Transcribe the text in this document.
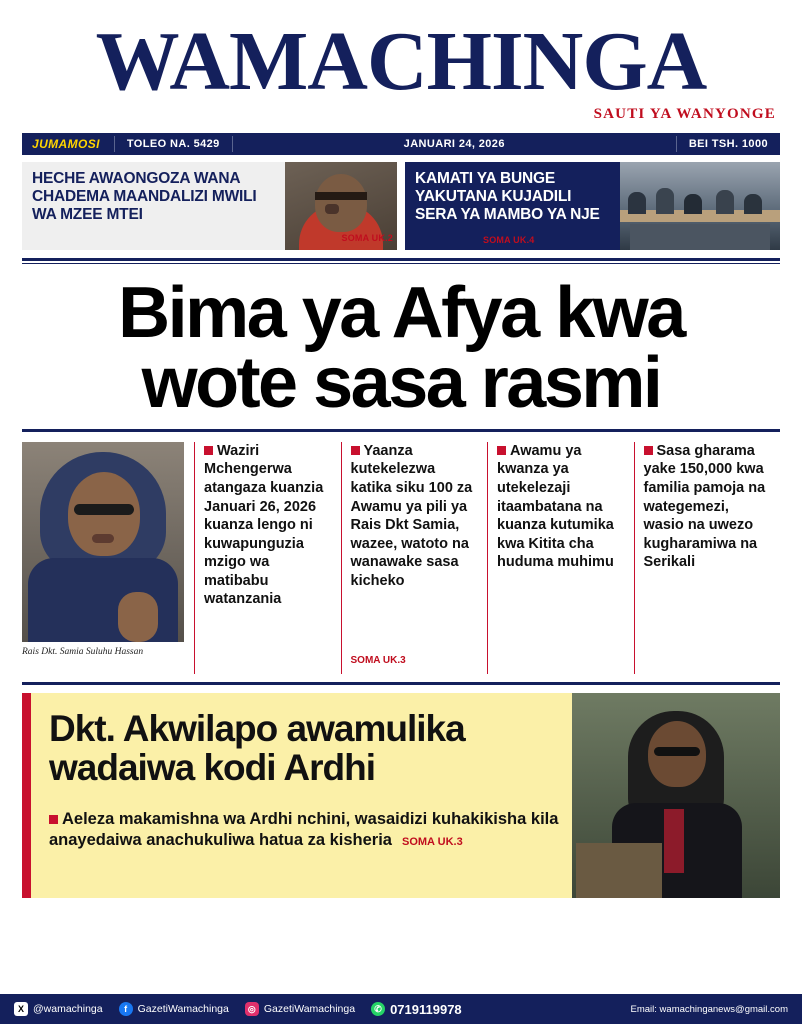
WAMACHINGA
SAUTI YA WANYONGE
JUMAMOSI	TOLEO NA. 5429	JANUARI 24, 2026	BEI TSH. 1000
HECHE AWAONGOZA WANA CHADEMA MAANDALIZI MWILI WA MZEE MTEI
SOMA UK.2
KAMATI YA BUNGE YAKUTANA KUJADILI SERA YA MAMBO YA NJE
SOMA UK.4
Bima ya Afya kwa
wote sasa rasmi
Rais Dkt. Samia Suluhu Hassan
Waziri Mchengerwa atangaza kuanzia Januari 26, 2026 kuanza lengo ni kuwapunguzia mzigo wa matibabu watanzania
Yaanza kutekelezwa katika siku 100 za Awamu ya pili ya Rais Dkt Samia, wazee, watoto na wanawake sasa kicheko
SOMA UK.3
Awamu ya kwanza ya utekelezaji itaambatana na kuanza kutumika kwa Kitita cha huduma muhimu
Sasa gharama yake 150,000 kwa familia pamoja na wategemezi, wasio na uwezo kugharamiwa na Serikali
Dkt. Akwilapo awamulika
wadaiwa kodi Ardhi
Aeleza makamishna wa Ardhi nchini, wasaidizi kuhakikisha kila anayedaiwa anachukuliwa hatua za kisheria SOMA UK.3
X @wamachinga	f	GazetiWamachinga	◎ GazetiWamachinga	✆ 0719119978	Email: wamachinganews@gmail.com
